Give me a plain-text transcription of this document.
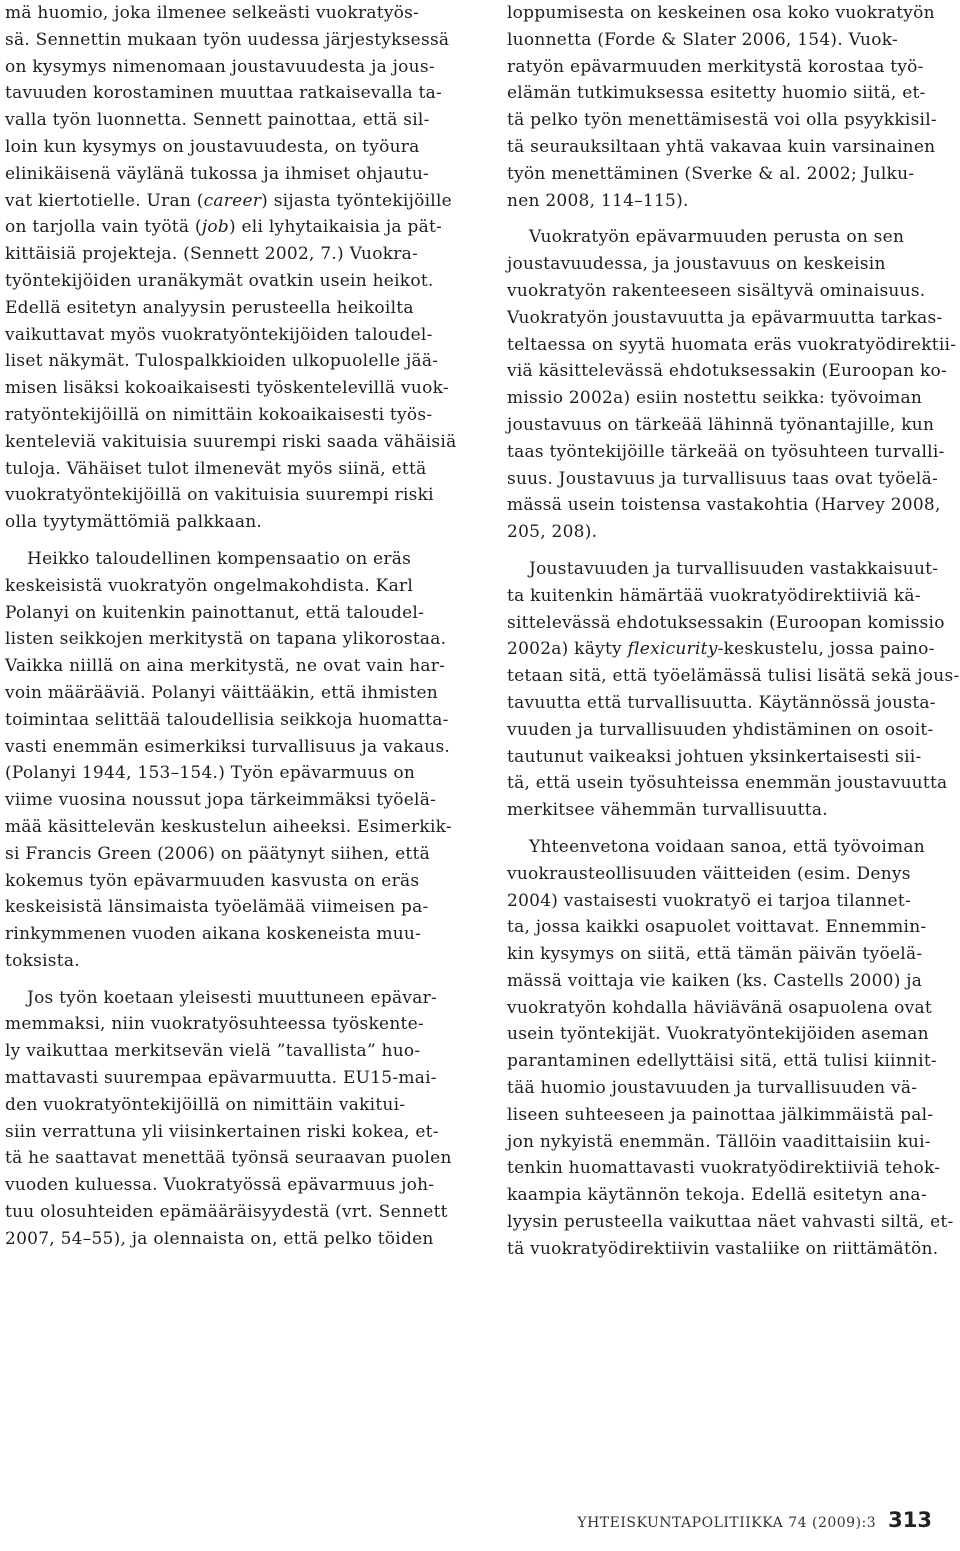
mä huomio, joka ilmenee selkeästi vuokratyös-
sä. Sennettin mukaan työn uudessa järjestyksessä
on kysymys nimenomaan joustavuudesta ja jous-
tavuuden korostaminen muuttaa ratkaisevalla ta-
valla työn luonnetta. Sennett painottaa, että sil-
loin kun kysymys on joustavuudesta, on työura
elinikäisenä väylänä tukossa ja ihmiset ohjautu-
vat kiertotielle. Uran (career) sijasta työntekijöille
on tarjolla vain työtä (job) eli lyhytaikaisia ja pät-
kittäisiä projekteja. (Sennett 2002, 7.) Vuokra-
työntekijöiden uranäkymät ovatkin usein heikot.
Edellä esitetyn analyysin perusteella heikoilta
vaikuttavat myös vuokratyöntekijöiden taloudel-
liset näkymät. Tulospalkkioiden ulkopuolelle jää-
misen lisäksi kokoaikaisesti työskentelevillä vuok-
ratyöntekijöillä on nimittäin kokoaikaisesti työs-
kenteleviä vakituisia suurempi riski saada vähäisiä
tuloja. Vähäiset tulot ilmenevät myös siinä, että
vuokratyöntekijöillä on vakituisia suurempi riski
olla tyytymättömiä palkkaan.
Heikko taloudellinen kompensaatio on eräs
keskeisistä vuokratyön ongelmakohdista. Karl
Polanyi on kuitenkin painottanut, että taloudel-
listen seikkojen merkitystä on tapana ylikorostaa.
Vaikka niillä on aina merkitystä, ne ovat vain har-
voin määrääviä. Polanyi väittääkin, että ihmisten
toimintaa selittää taloudellisia seikkoja huomatta-
vasti enemmän esimerkiksi turvallisuus ja vakaus.
(Polanyi 1944, 153–154.) Työn epävarmuus on
viime vuosina noussut jopa tärkeimmäksi työelä-
mää käsittelevän keskustelun aiheeksi. Esimerkik-
si Francis Green (2006) on päätynyt siihen, että
kokemus työn epävarmuuden kasvusta on eräs
keskeisistä länsimaista työelämää viimeisen pa-
rinkymmenen vuoden aikana koskeneista muu-
toksista.
Jos työn koetaan yleisesti muuttuneen epävar-
memmaksi, niin vuokratyösuhteessa työskente-
ly vaikuttaa merkitsevän vielä ”tavallista” huo-
mattavasti suurempaa epävarmuutta. EU15-mai-
den vuokratyöntekijöillä on nimittäin vakitui-
siin verrattuna yli viisinkertainen riski kokea, et-
tä he saattavat menettää työnsä seuraavan puolen
vuoden kuluessa. Vuokratyössä epävarmuus joh-
tuu olosuhteiden epämääräisyydestä (vrt. Sennett
2007, 54–55), ja olennaista on, että pelko töiden
loppumisesta on keskeinen osa koko vuokratyön
luonnetta (Forde & Slater 2006, 154). Vuok-
ratyön epävarmuuden merkitystä korostaa työ-
elämän tutkimuksessa esitetty huomio siitä, et-
tä pelko työn menettämisestä voi olla psyykkisil-
tä seurauksiltaan yhtä vakavaa kuin varsinainen
työn menettäminen (Sverke & al. 2002; Julku-
nen 2008, 114–115).
Vuokratyön epävarmuuden perusta on sen
joustavuudessa, ja joustavuus on keskeisin
vuokratyön rakenteeseen sisältyvä ominaisuus.
Vuokratyön joustavuutta ja epävarmuutta tarkas-
teltaessa on syytä huomata eräs vuokratyödirektii-
viä käsittelevässä ehdotuksessakin (Euroopan ko-
missio 2002a) esiin nostettu seikka: työvoiman
joustavuus on tärkeää lähinnä työnantajille, kun
taas työntekijöille tärkeää on työsuhteen turvalli-
suus. Joustavuus ja turvallisuus taas ovat työelä-
mässä usein toistensa vastakohtia (Harvey 2008,
205, 208).
Joustavuuden ja turvallisuuden vastakkaisuut-
ta kuitenkin hämärtää vuokratyödirektiiviä kä-
sittelevässä ehdotuksessakin (Euroopan komissio
2002a) käyty flexicurity-keskustelu, jossa paino-
tetaan sitä, että työelämässä tulisi lisätä sekä jous-
tavuutta että turvallisuutta. Käytännössä jousta-
vuuden ja turvallisuuden yhdistäminen on osoit-
tautunut vaikeaksi johtuen yksinkertaisesti sii-
tä, että usein työsuhteissa enemmän joustavuutta
merkitsee vähemmän turvallisuutta.
Yhteenvetona voidaan sanoa, että työvoiman
vuokrausteollisuuden väitteiden (esim. Denys
2004) vastaisesti vuokratyö ei tarjoa tilannet-
ta, jossa kaikki osapuolet voittavat. Ennemmin-
kin kysymys on siitä, että tämän päivän työelä-
mässä voittaja vie kaiken (ks. Castells 2000) ja
vuokratyön kohdalla häviävänä osapuolena ovat
usein työntekijät. Vuokratyöntekijöiden aseman
parantaminen edellyttäisi sitä, että tulisi kiinnit-
tää huomio joustavuuden ja turvallisuuden vä-
liseen suhteeseen ja painottaa jälkimmäistä pal-
jon nykyistä enemmän. Tällöin vaadittaisiin kui-
tenkin huomattavasti vuokratyödirektiiviä tehok-
kaampia käytännön tekoja. Edellä esitetyn ana-
lyysin perusteella vaikuttaa näet vahvasti siltä, et-
tä vuokratyödirektiivin vastaliike on riittämätön.
YHTEISKUNTAPOLITIIKKA 74 (2009):3 313
